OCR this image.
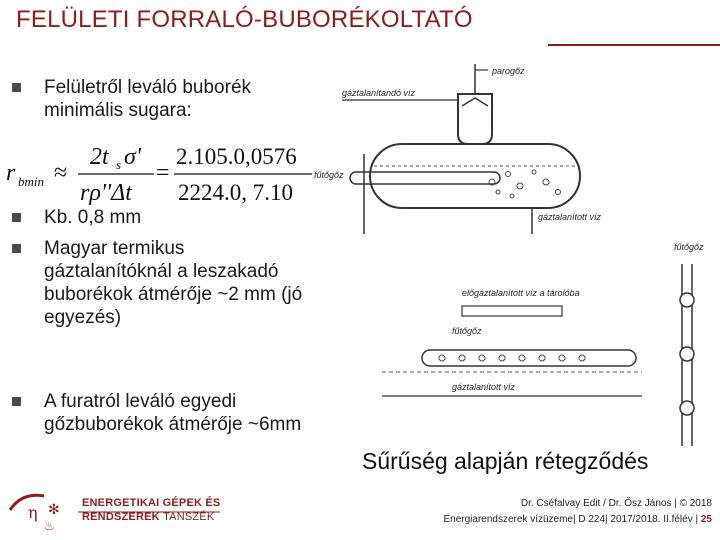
FELÜLETI FORRALÓ-BUBORÉKOLTATÓ
Felületről leváló buborék minimális sugara:
Kb. 0,8 mm
Magyar termikus gáztalanítóknál a leszakadó buborékok átmérője ~2 mm (jó egyezés)
A furatról leváló egyedi gőzbuborékok átmérője ~6mm
r bmin ≈
2t s σ'
rρ''Δt
=
2.105.0,0576
2224.0, 7.10
parogőz
gáztalanítandó víz
fűtőgőz
gáztalanított víz
előgáztalanított víz a tárolóba
fűtőgőz
gáztalanított víz
fűtőgőz
Sűrűség alapján rétegződés
η ✻
♨
ENERGETIKAI GÉPEK ÉS
RENDSZEREK TANSZÉK
Dr. Cséfalvay Edit / Dr. Ősz János | © 2018
Energiarendszerek vízüzeme| D 224| 2017/2018. II.félév | 25
